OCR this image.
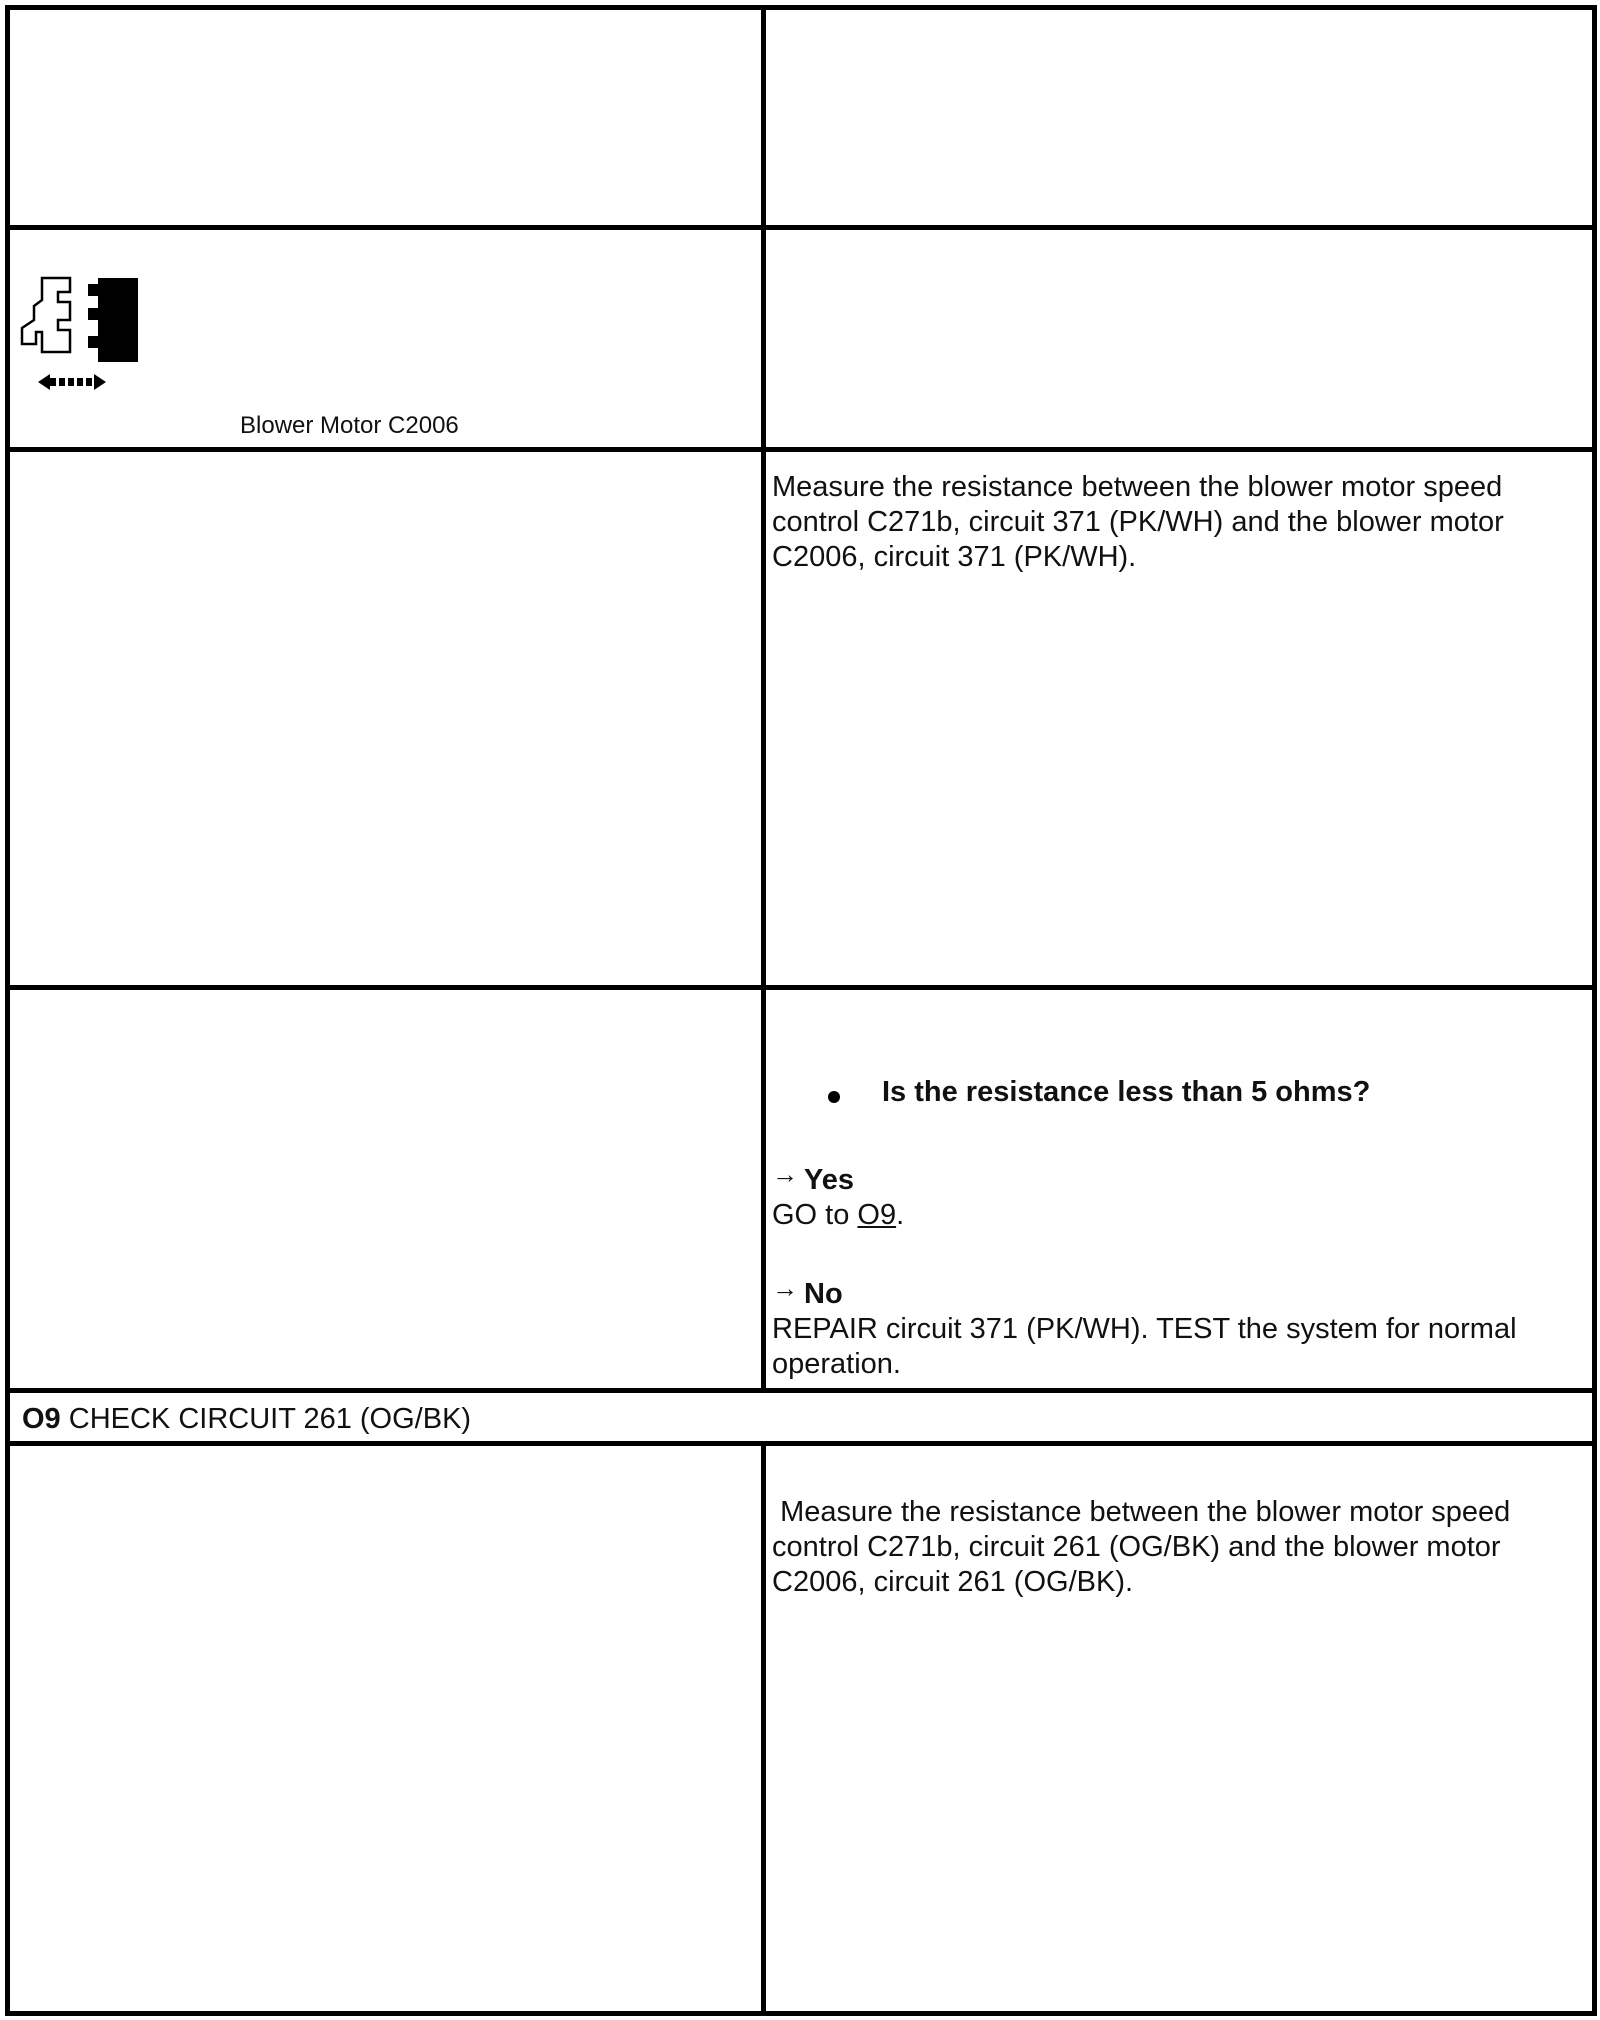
Blower Motor C2006
Measure the resistance between the blower motor speed control C271b, circuit 371 (PK/WH) and the blower motor C2006, circuit 371 (PK/WH).
Is the resistance less than 5 ohms?
→ Yes
GO to O9.
→ No
REPAIR circuit 371 (PK/WH). TEST the system for normal operation.
O9 CHECK CIRCUIT 261 (OG/BK)
Measure the resistance between the blower motor speed control C271b, circuit 261 (OG/BK) and the blower motor C2006, circuit 261 (OG/BK).
